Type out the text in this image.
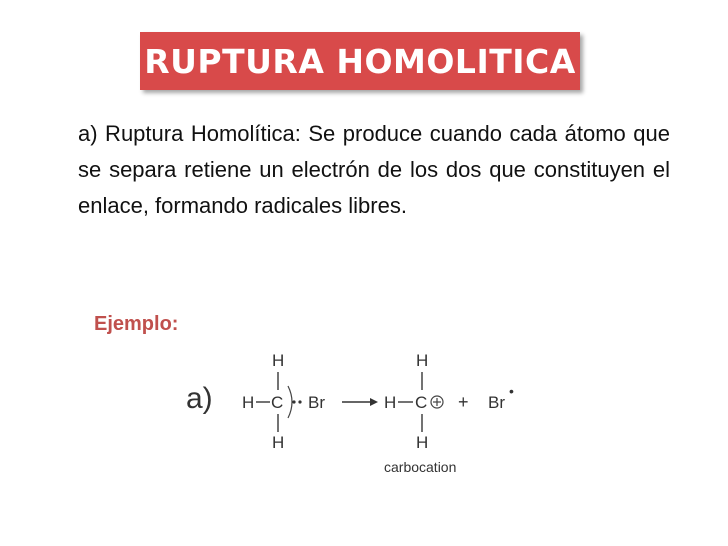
RUPTURA HOMOLITICA
a) Ruptura Homolítica: Se produce cuando cada átomo que se separa retiene un electrón de los dos que constituyen el enlace, formando radicales libres.
Ejemplo:
a)
H
H C Br
H
H
H C
H
+ Br
•
carbocation
